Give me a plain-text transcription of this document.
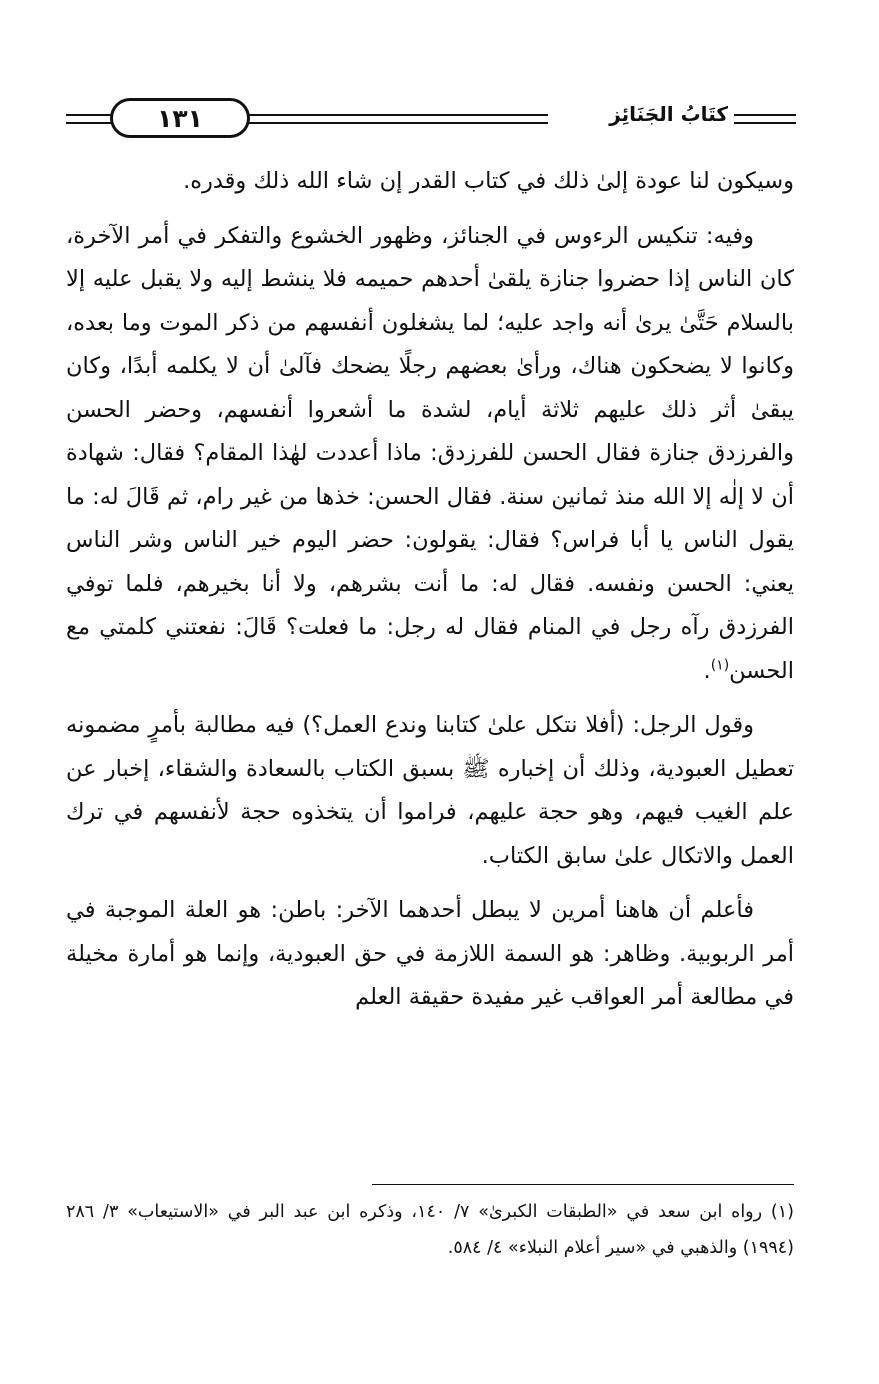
١٣١	كتَابُ الجَنَائِز

وسيكون لنا عودة إلىٰ ذلك في كتاب القدر إن شاء الله ذلك وقدره.

وفيه: تنكيس الرءوس في الجنائز، وظهور الخشوع والتفكر في أمر الآخرة، كان الناس إذا حضروا جنازة يلقىٰ أحدهم حميمه فلا ينشط إليه ولا يقبل عليه إلا بالسلام حَتَّىٰ يرىٰ أنه واجد عليه؛ لما يشغلون أنفسهم من ذكر الموت وما بعده، وكانوا لا يضحكون هناك، ورأىٰ بعضهم رجلًا يضحك فآلىٰ أن لا يكلمه أبدًا، وكان يبقىٰ أثر ذلك عليهم ثلاثة أيام، لشدة ما أشعروا أنفسهم، وحضر الحسن والفرزدق جنازة فقال الحسن للفرزدق: ماذا أعددت لهٰذا المقام؟ فقال: شهادة أن لا إلٰه إلا الله منذ ثمانين سنة. فقال الحسن: خذها من غير رام، ثم قَالَ له: ما يقول الناس يا أبا فراس؟ فقال: يقولون: حضر اليوم خير الناس وشر الناس يعني: الحسن ونفسه. فقال له: ما أنت بشرهم، ولا أنا بخيرهم، فلما توفي الفرزدق رآه رجل في المنام فقال له رجل: ما فعلت؟ قَالَ: نفعتني كلمتي مع الحسن$^{(١)}$.

وقول الرجل: (أفلا نتكل علىٰ كتابنا وندع العمل؟) فيه مطالبة بأمرٍ مضمونه تعطيل العبودية، وذلك أن إخباره ﷺ بسبق الكتاب بالسعادة والشقاء، إخبار عن علم الغيب فيهم، وهو حجة عليهم، فراموا أن يتخذوه حجة لأنفسهم في ترك العمل والاتكال علىٰ سابق الكتاب.

فأعلم أن هاهنا أمرين لا يبطل أحدهما الآخر: باطن: هو العلة الموجبة في أمر الربوبية. وظاهر: هو السمة اللازمة في حق العبودية، وإنما هو أمارة مخيلة في مطالعة أمر العواقب غير مفيدة حقيقة العلم

(١) رواه ابن سعد في «الطبقات الكبرىٰ» ٧/ ١٤٠، وذكره ابن عبد البر في «الاستيعاب» ٣/ ٢٨٦ (١٩٩٤) والذهبي في «سير أعلام النبلاء» ٤/ ٥٨٤.
